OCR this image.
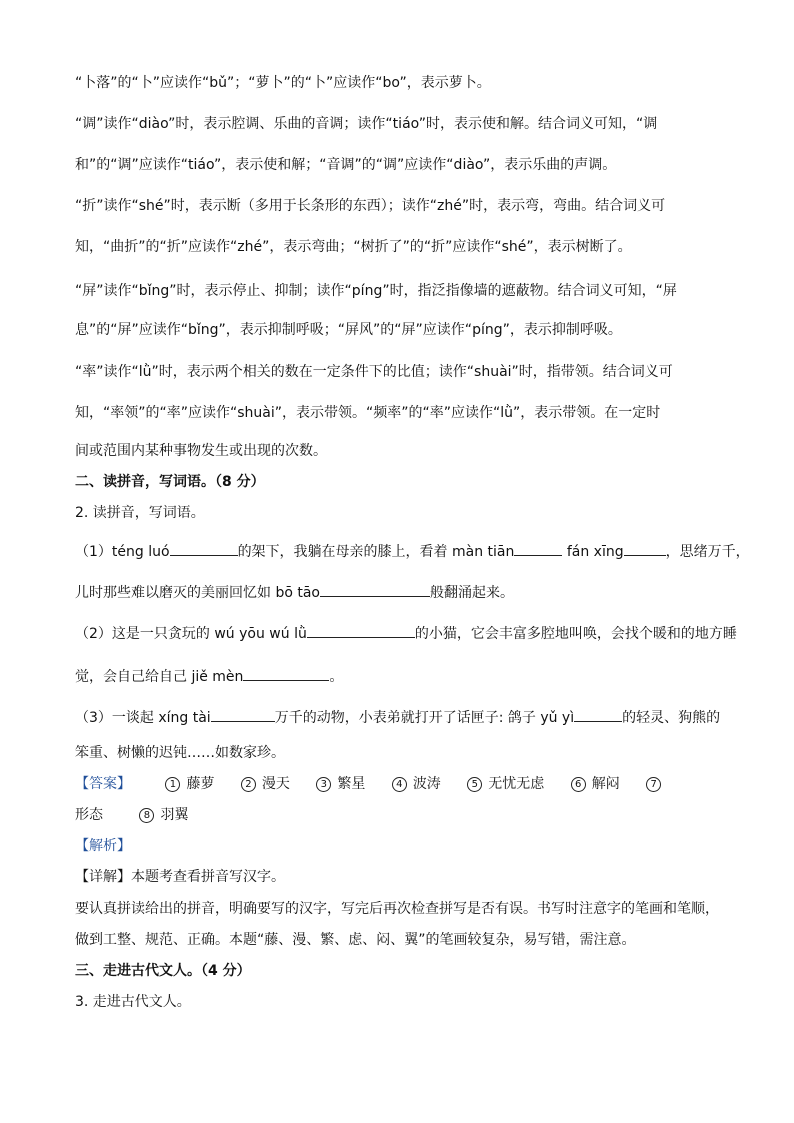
“卜落”的“卜”应读作“bǔ”；“萝卜”的“卜”应读作“bo”，表示萝卜。
“调”读作“diào”时，表示腔调、乐曲的音调；读作“tiáo”时，表示使和解。结合词义可知，“调
和”的“调”应读作“tiáo”，表示使和解；“音调”的“调”应读作“diào”，表示乐曲的声调。
“折”读作“shé”时，表示断（多用于长条形的东西）；读作“zhé”时，表示弯，弯曲。结合词义可
知，“曲折”的“折”应读作“zhé”，表示弯曲；“树折了”的“折”应读作“shé”，表示树断了。
“屏”读作“bǐng”时，表示停止、抑制；读作“píng”时，指泛指像墙的遮蔽物。结合词义可知，“屏
息”的“屏”应读作“bǐng”，表示抑制呼吸；“屏风”的“屏”应读作“píng”，表示抑制呼吸。
“率”读作“lǜ”时，表示两个相关的数在一定条件下的比值；读作“shuài”时，指带领。结合词义可
知，“率领”的“率”应读作“shuài”，表示带领。“频率”的“率”应读作“lǜ”，表示带领。在一定时
间或范围内某种事物发生或出现的次数。
二、读拼音，写词语。（8 分）
2. 读拼音，写词语。
（1）téng luó	的架下，我躺在母亲的膝上，看着 màn tiān	fán xīng	，思绪万千，
儿时那些难以磨灭的美丽回忆如 bō tāo	般翻涌起来。
（2）这是一只贪玩的 wú yōu wú lǜ	的小猫，它会丰富多腔地叫唤，会找个暖和的地方睡
觉，会自己给自己 jiě mèn	。
（3）一谈起 xíng tài	万千的动物，小表弟就打开了话匣子: 鸽子 yǔ yì	的轻灵、狗熊的
笨重、树懒的迟钝……如数家珍。
【答案】	1 藤萝	2 漫天	3 繁星	4 波涛	5 无忧无虑	6 解闷	7
形态	8 羽翼
【解析】
【详解】本题考查看拼音写汉字。
要认真拼读给出的拼音，明确要写的汉字，写完后再次检查拼写是否有误。书写时注意字的笔画和笔顺，
做到工整、规范、正确。本题“藤、漫、繁、虑、闷、翼”的笔画较复杂，易写错，需注意。
三、走进古代文人。（4 分）
3. 走进古代文人。
